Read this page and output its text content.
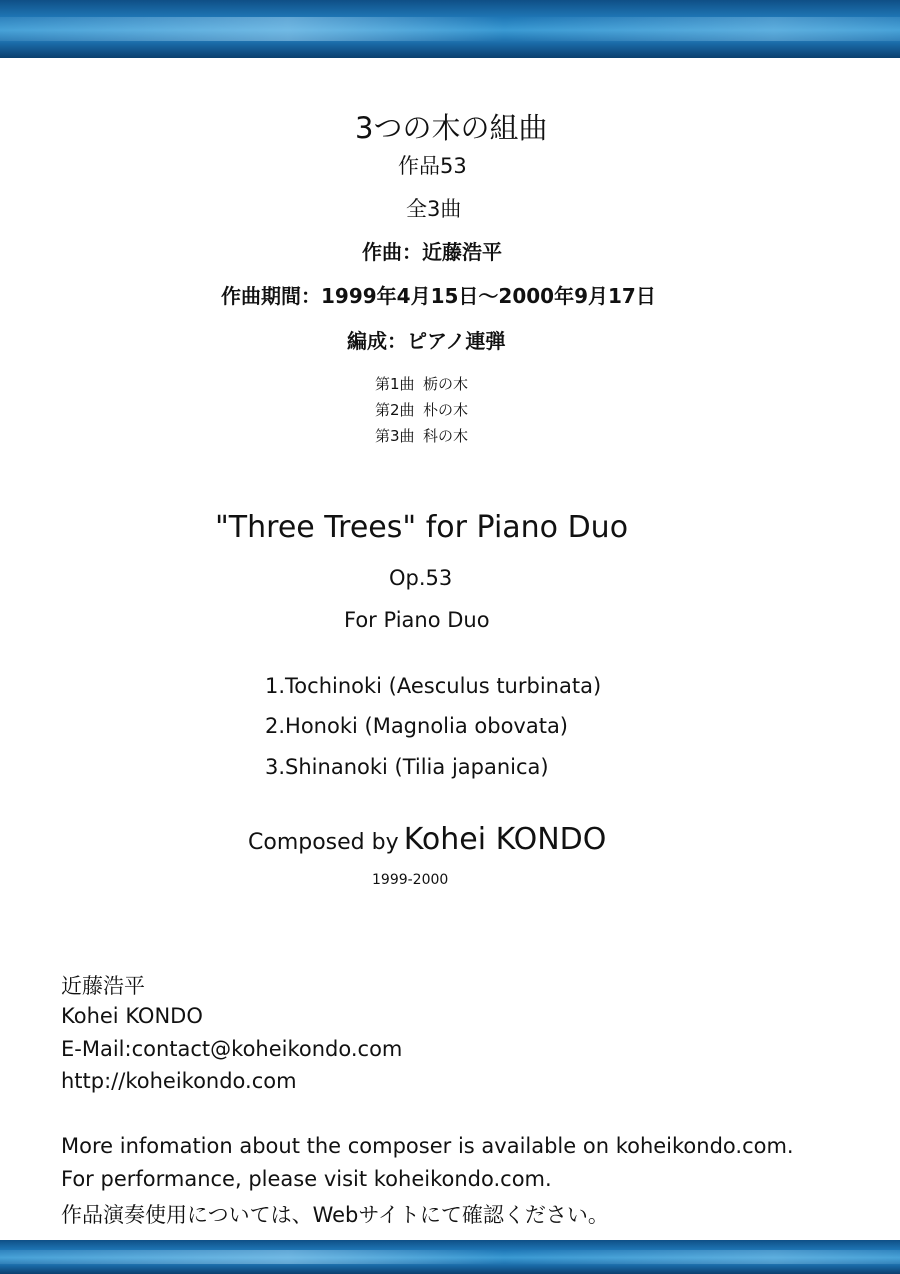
3つの木の組曲
作品53
全3曲
作曲：近藤浩平
作曲期間：1999年4月15日～2000年9月17日
編成：ピアノ連弾
第1曲 栃の木
第2曲 朴の木
第3曲 科の木
"Three Trees" for Piano Duo
Op.53
For Piano Duo
1.Tochinoki (Aesculus turbinata)
2.Honoki (Magnolia obovata)
3.Shinanoki (Tilia japanica)
Composed by Kohei KONDO
1999-2000
近藤浩平
Kohei KONDO
E-Mail:contact@koheikondo.com
http://koheikondo.com
More infomation about the composer is available on koheikondo.com.
For performance, please visit koheikondo.com.
作品演奏使用については、Webサイトにて確認ください。
